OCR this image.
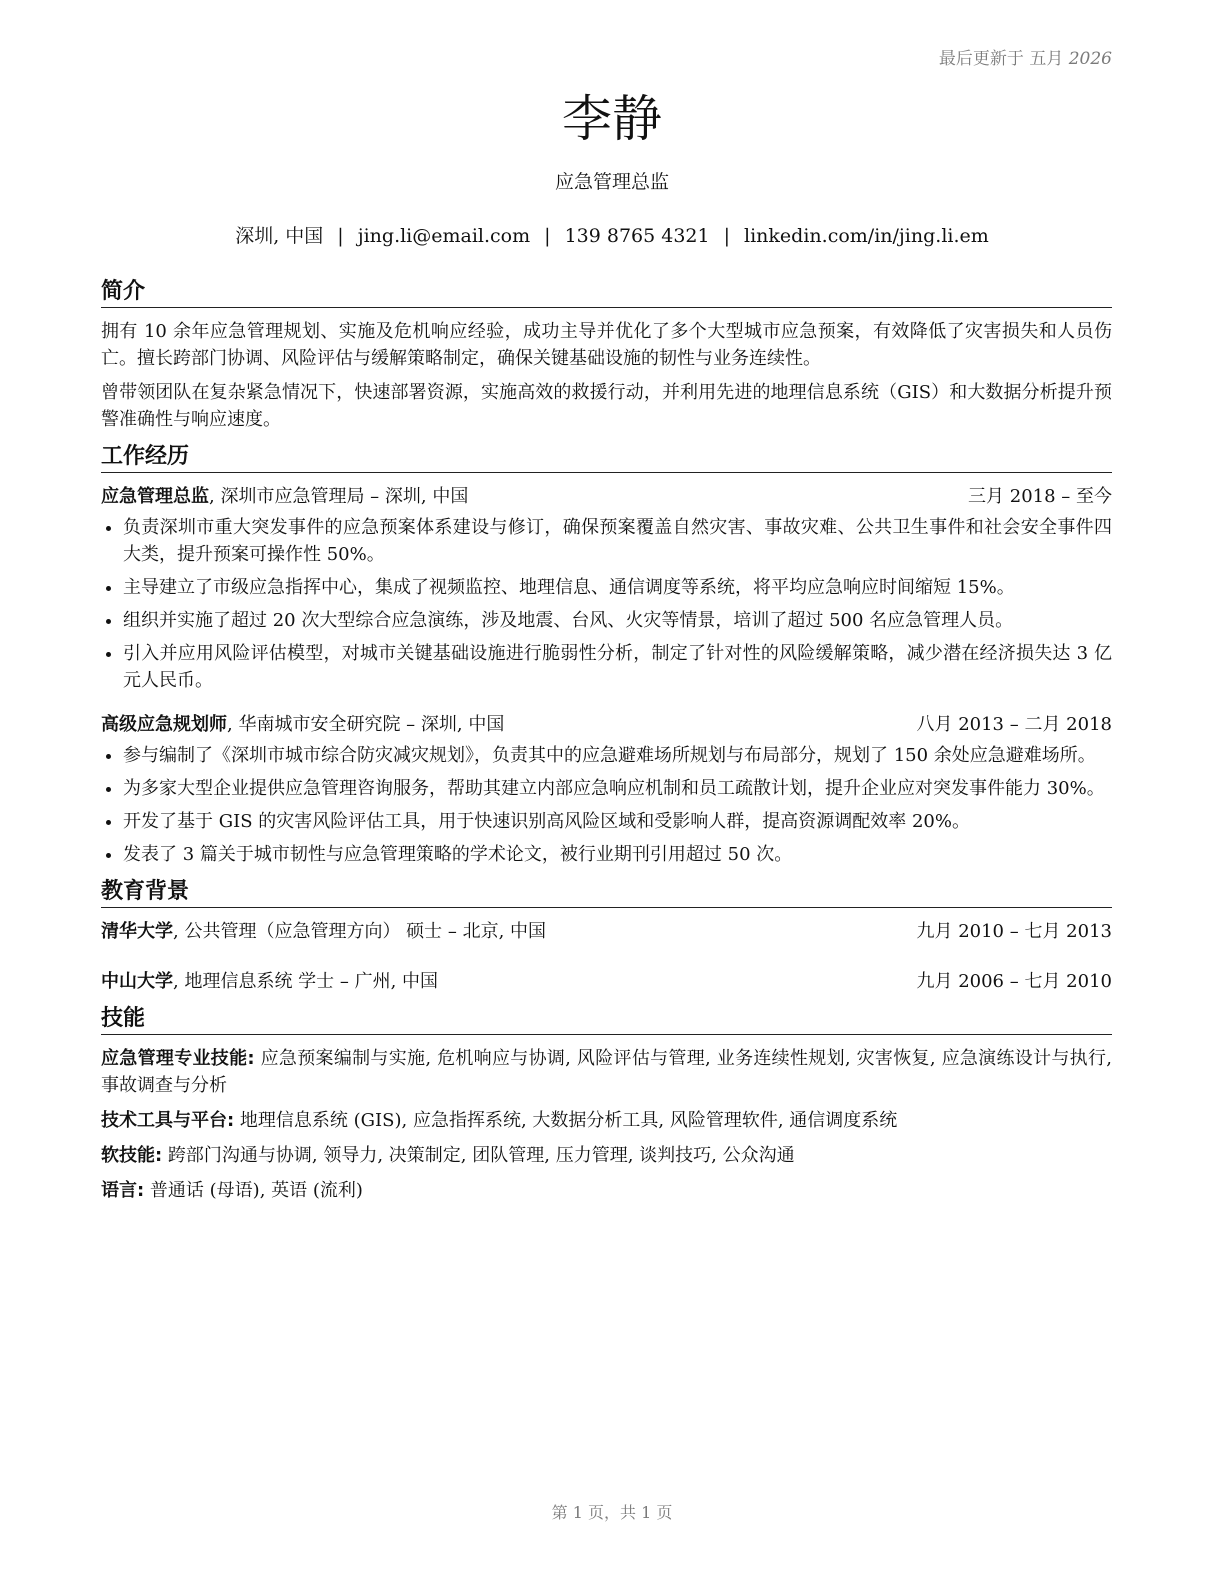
最后更新于 五月 2026
李静
应急管理总监
深圳, 中国 | jing.li@email.com | 139 8765 4321 | linkedin.com/in/jing.li.em
简介

拥有 10 余年应急管理规划、实施及危机响应经验，成功主导并优化了多个大型城市应急预案，有效降低了灾害损失和人员伤亡。擅长跨部门协调、风险评估与缓解策略制定，确保关键基础设施的韧性与业务连续性。

曾带领团队在复杂紧急情况下，快速部署资源，实施高效的救援行动，并利用先进的地理信息系统（GIS）和大数据分析提升预警准确性与响应速度。

工作经历
应急管理总监, 深圳市应急管理局 – 深圳, 中国	三月 2018 – 至今
• 负责深圳市重大突发事件的应急预案体系建设与修订，确保预案覆盖自然灾害、事故灾难、公共卫生事件和社会安全事件四大类，提升预案可操作性 50%。
• 主导建立了市级应急指挥中心，集成了视频监控、地理信息、通信调度等系统，将平均应急响应时间缩短 15%。
• 组织并实施了超过 20 次大型综合应急演练，涉及地震、台风、火灾等情景，培训了超过 500 名应急管理人员。
• 引入并应用风险评估模型，对城市关键基础设施进行脆弱性分析，制定了针对性的风险缓解策略，减少潜在经济损失达 3 亿元人民币。
高级应急规划师, 华南城市安全研究院 – 深圳, 中国	八月 2013 – 二月 2018
• 参与编制了《深圳市城市综合防灾减灾规划》，负责其中的应急避难场所规划与布局部分，规划了 150 余处应急避难场所。
• 为多家大型企业提供应急管理咨询服务，帮助其建立内部应急响应机制和员工疏散计划，提升企业应对突发事件能力 30%。
• 开发了基于 GIS 的灾害风险评估工具，用于快速识别高风险区域和受影响人群，提高资源调配效率 20%。
• 发表了 3 篇关于城市韧性与应急管理策略的学术论文，被行业期刊引用超过 50 次。
教育背景
清华大学, 公共管理（应急管理方向） 硕士 – 北京, 中国	九月 2010 – 七月 2013
中山大学, 地理信息系统 学士 – 广州, 中国	九月 2006 – 七月 2010
技能
应急管理专业技能: 应急预案编制与实施, 危机响应与协调, 风险评估与管理, 业务连续性规划, 灾害恢复, 应急演练设计与执行, 事故调查与分析
技术工具与平台: 地理信息系统 (GIS), 应急指挥系统, 大数据分析工具, 风险管理软件, 通信调度系统
软技能: 跨部门沟通与协调, 领导力, 决策制定, 团队管理, 压力管理, 谈判技巧, 公众沟通
语言: 普通话 (母语), 英语 (流利)
第 1 页，共 1 页
